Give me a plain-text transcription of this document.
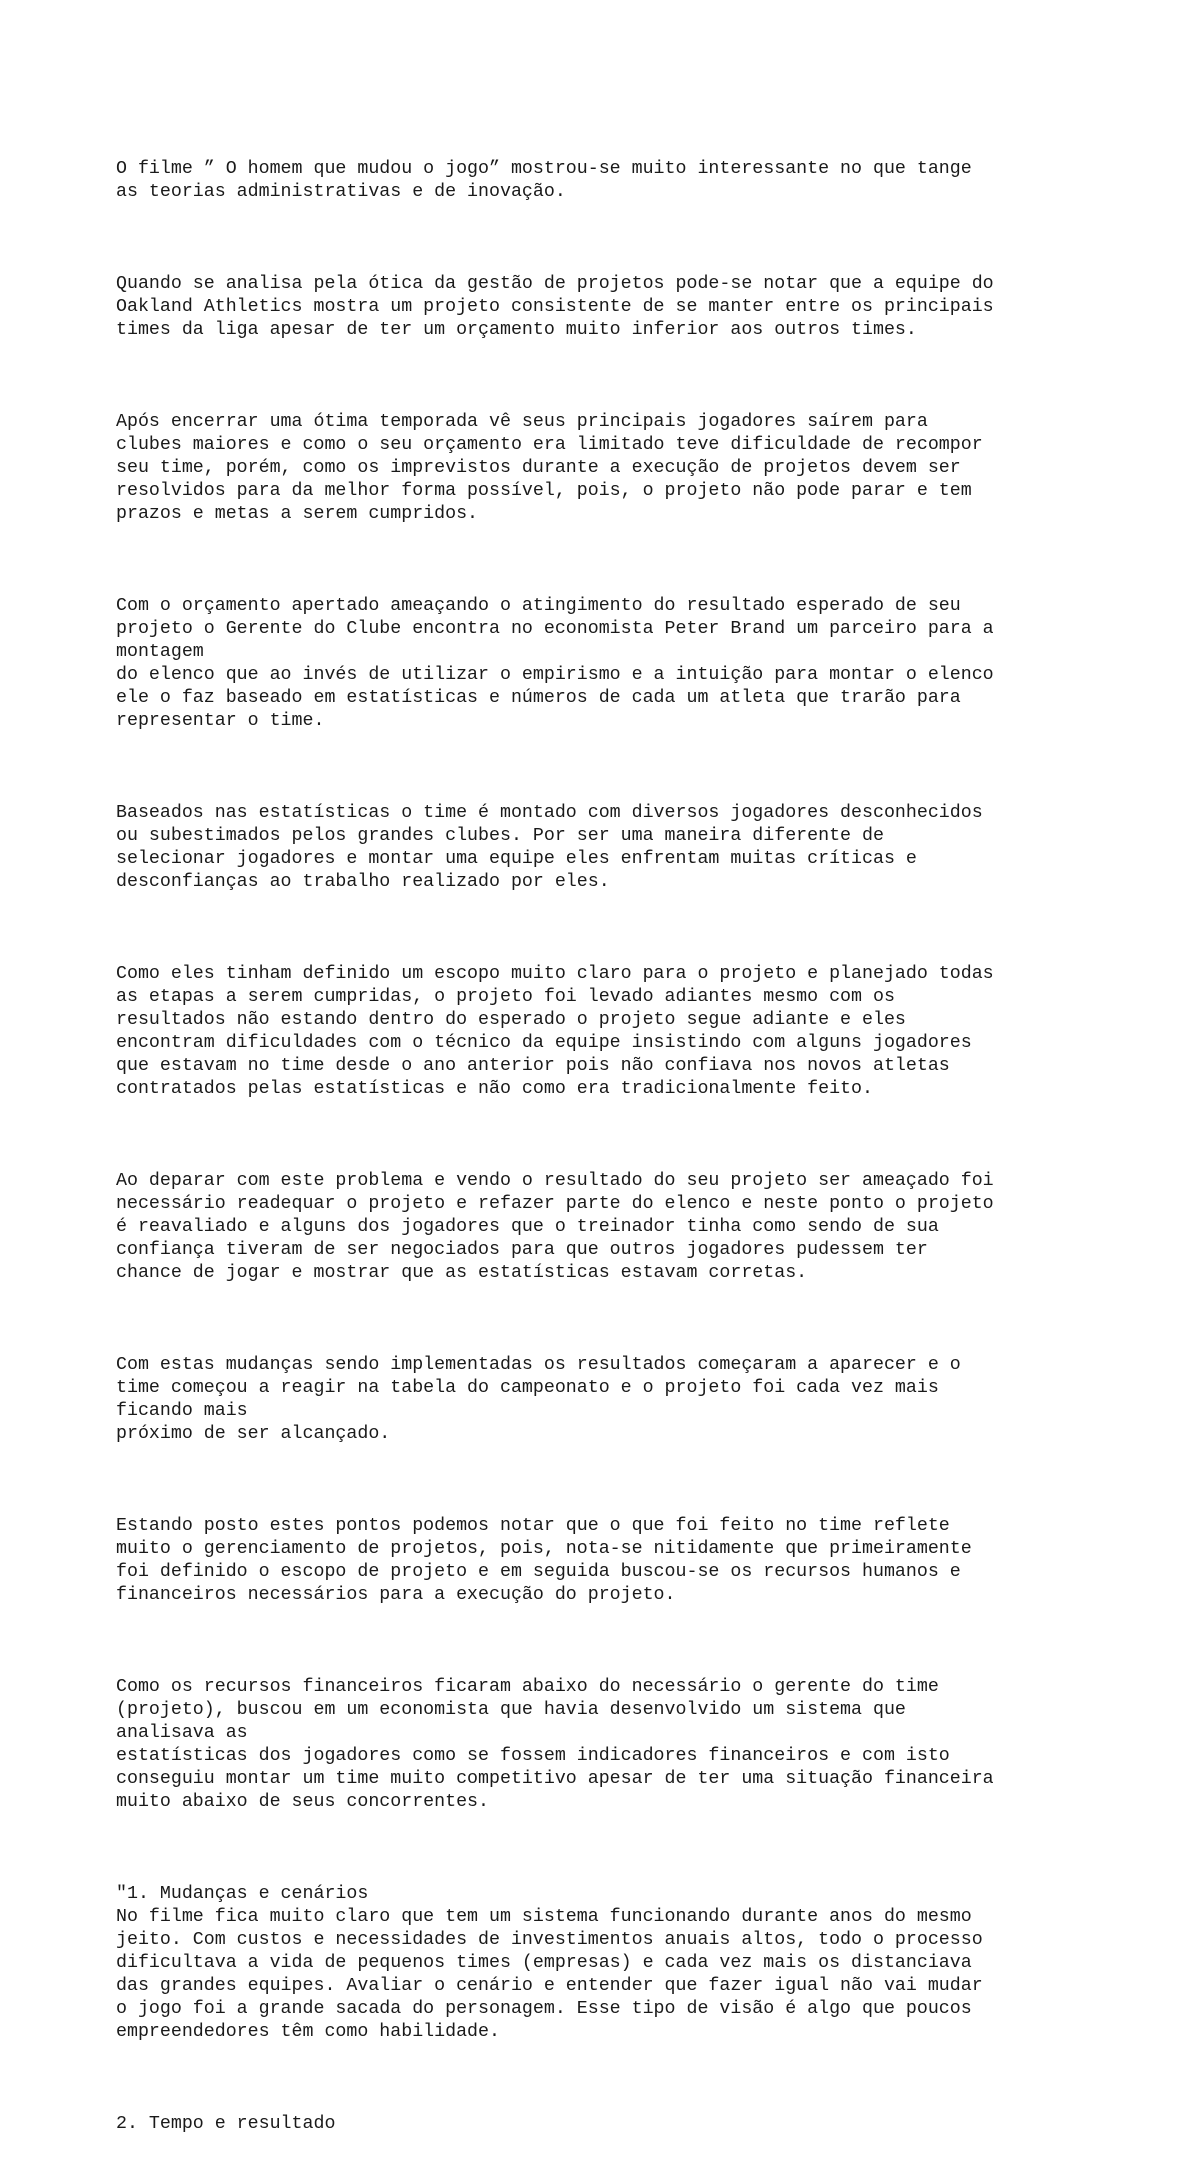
O filme ” O homem que mudou o jogo” mostrou-se muito interessante no que tange
as teorias administrativas e de inovação.

Quando se analisa pela ótica da gestão de projetos pode-se notar que a equipe do
Oakland Athletics mostra um projeto consistente de se manter entre os principais
times da liga apesar de ter um orçamento muito inferior aos outros times.

Após encerrar uma ótima temporada vê seus principais jogadores saírem para
clubes maiores e como o seu orçamento era limitado teve dificuldade de recompor
seu time, porém, como os imprevistos durante a execução de projetos devem ser
resolvidos para da melhor forma possível, pois, o projeto não pode parar e tem
prazos e metas a serem cumpridos.

Com o orçamento apertado ameaçando o atingimento do resultado esperado de seu
projeto o Gerente do Clube encontra no economista Peter Brand um parceiro para a
montagem
do elenco que ao invés de utilizar o empirismo e a intuição para montar o elenco
ele o faz baseado em estatísticas e números de cada um atleta que trarão para
representar o time.

Baseados nas estatísticas o time é montado com diversos jogadores desconhecidos
ou subestimados pelos grandes clubes. Por ser uma maneira diferente de
selecionar jogadores e montar uma equipe eles enfrentam muitas críticas e
desconfianças ao trabalho realizado por eles.

Como eles tinham definido um escopo muito claro para o projeto e planejado todas
as etapas a serem cumpridas, o projeto foi levado adiantes mesmo com os
resultados não estando dentro do esperado o projeto segue adiante e eles
encontram dificuldades com o técnico da equipe insistindo com alguns jogadores
que estavam no time desde o ano anterior pois não confiava nos novos atletas
contratados pelas estatísticas e não como era tradicionalmente feito.

Ao deparar com este problema e vendo o resultado do seu projeto ser ameaçado foi
necessário readequar o projeto e refazer parte do elenco e neste ponto o projeto
é reavaliado e alguns dos jogadores que o treinador tinha como sendo de sua
confiança tiveram de ser negociados para que outros jogadores pudessem ter
chance de jogar e mostrar que as estatísticas estavam corretas.

Com estas mudanças sendo implementadas os resultados começaram a aparecer e o
time começou a reagir na tabela do campeonato e o projeto foi cada vez mais
ficando mais
próximo de ser alcançado.

Estando posto estes pontos podemos notar que o que foi feito no time reflete
muito o gerenciamento de projetos, pois, nota-se nitidamente que primeiramente
foi definido o escopo de projeto e em seguida buscou-se os recursos humanos e
financeiros necessários para a execução do projeto.

Como os recursos financeiros ficaram abaixo do necessário o gerente do time
(projeto), buscou em um economista que havia desenvolvido um sistema que
analisava as
estatísticas dos jogadores como se fossem indicadores financeiros e com isto
conseguiu montar um time muito competitivo apesar de ter uma situação financeira
muito abaixo de seus concorrentes.

"1. Mudanças e cenários
No filme fica muito claro que tem um sistema funcionando durante anos do mesmo
jeito. Com custos e necessidades de investimentos anuais altos, todo o processo
dificultava a vida de pequenos times (empresas) e cada vez mais os distanciava
das grandes equipes. Avaliar o cenário e entender que fazer igual não vai mudar
o jogo foi a grande sacada do personagem. Esse tipo de visão é algo que poucos
empreendedores têm como habilidade.

2. Tempo e resultado
